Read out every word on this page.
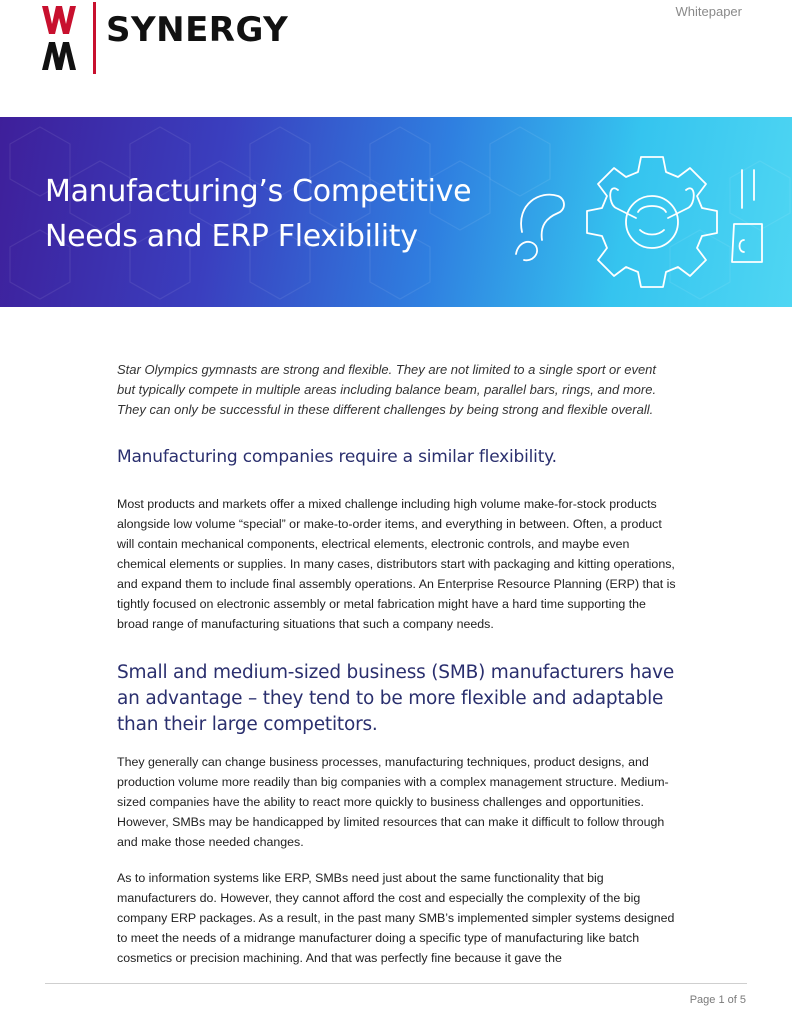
SYNERGY	Whitepaper
Manufacturing’s Competitive Needs and ERP Flexibility

Star Olympics gymnasts are strong and flexible. They are not limited to a single sport or event but typically compete in multiple areas including balance beam, parallel bars, rings, and more. They can only be successful in these different challenges by being strong and flexible overall.

Manufacturing companies require a similar flexibility.

Most products and markets offer a mixed challenge including high volume make-for-stock products alongside low volume “special” or make-to-order items, and everything in between. Often, a product will contain mechanical components, electrical elements, electronic controls, and maybe even chemical elements or supplies. In many cases, distributors start with packaging and kitting operations, and expand them to include final assembly operations. An Enterprise Resource Planning (ERP) that is tightly focused on electronic assembly or metal fabrication might have a hard time supporting the broad range of manufacturing situations that such a company needs.

Small and medium-sized business (SMB) manufacturers have an advantage – they tend to be more flexible and adaptable than their large competitors.

They generally can change business processes, manufacturing techniques, product designs, and production volume more readily than big companies with a complex management structure. Medium-sized companies have the ability to react more quickly to business challenges and opportunities. However, SMBs may be handicapped by limited resources that can make it difficult to follow through and make those needed changes.

As to information systems like ERP, SMBs need just about the same functionality that big manufacturers do. However, they cannot afford the cost and especially the complexity of the big company ERP packages. As a result, in the past many SMB’s implemented simpler systems designed to meet the needs of a midrange manufacturer doing a specific type of manufacturing like batch cosmetics or precision machining. And that was perfectly fine because it gave the

Page 1 of 5
